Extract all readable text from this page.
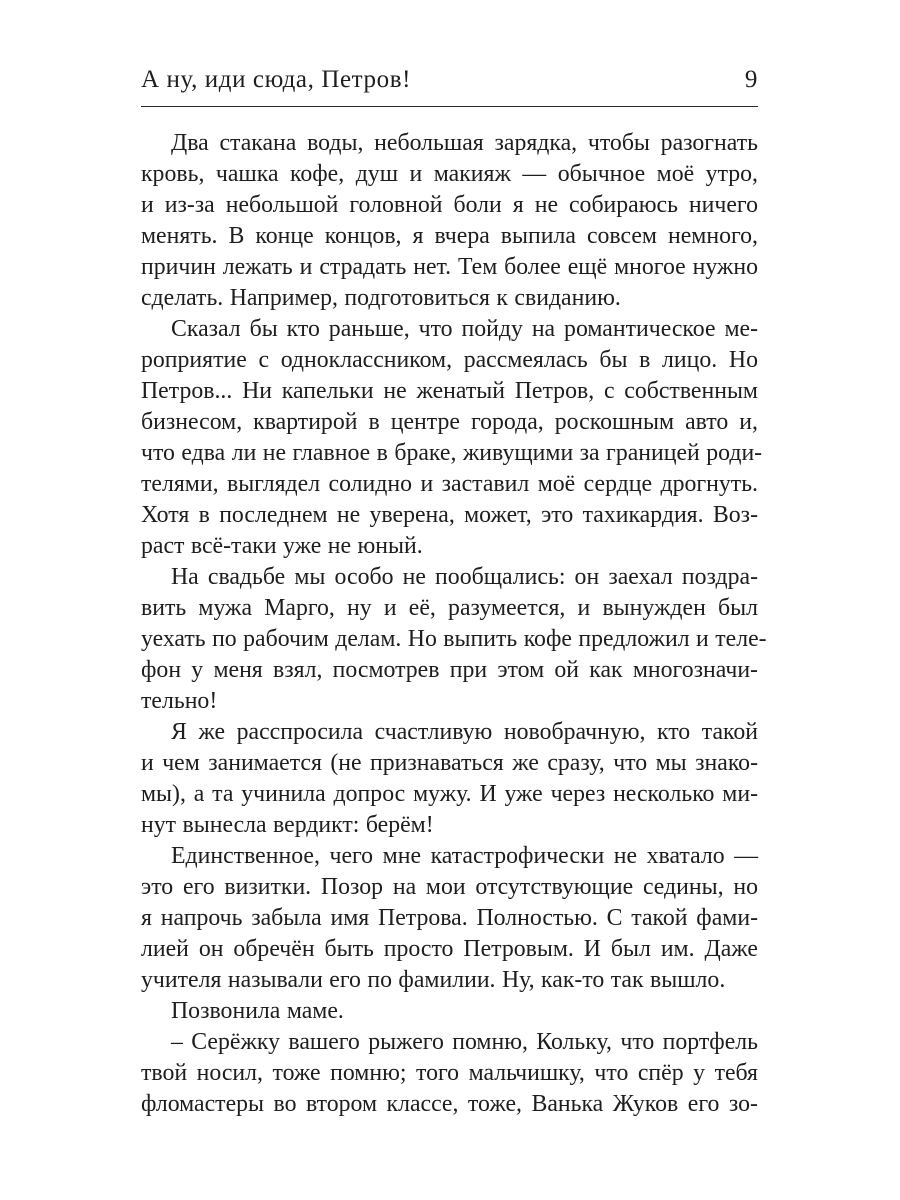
А ну, иди сюда, Петров!	9
Два стакана воды, небольшая зарядка, чтобы разогнать
кровь, чашка кофе, душ и макияж — обычное моё утро,
и из-за небольшой головной боли я не собираюсь ничего
менять. В конце концов, я вчера выпила совсем немного,
причин лежать и страдать нет. Тем более ещё многое нужно
сделать. Например, подготовиться к свиданию.
Сказал бы кто раньше, что пойду на романтическое ме-
роприятие с одноклассником, рассмеялась бы в лицо. Но
Петров... Ни капельки не женатый Петров, с собственным
бизнесом, квартирой в центре города, роскошным авто и,
что едва ли не главное в браке, живущими за границей роди-
телями, выглядел солидно и заставил моё сердце дрогнуть.
Хотя в последнем не уверена, может, это тахикардия. Воз-
раст всё-таки уже не юный.
На свадьбе мы особо не пообщались: он заехал поздра-
вить мужа Марго, ну и её, разумеется, и вынужден был
уехать по рабочим делам. Но выпить кофе предложил и теле-
фон у меня взял, посмотрев при этом ой как многозначи-
тельно!
Я же расспросила счастливую новобрачную, кто такой
и чем занимается (не признаваться же сразу, что мы знако-
мы), а та учинила допрос мужу. И уже через несколько ми-
нут вынесла вердикт: берём!
Единственное, чего мне катастрофически не хватало —
это его визитки. Позор на мои отсутствующие седины, но
я напрочь забыла имя Петрова. Полностью. С такой фами-
лией он обречён быть просто Петровым. И был им. Даже
учителя называли его по фамилии. Ну, как-то так вышло.
Позвонила маме.
– Серёжку вашего рыжего помню, Кольку, что портфель
твой носил, тоже помню; того мальчишку, что спёр у тебя
фломастеры во втором классе, тоже, Ванька Жуков его зо-
